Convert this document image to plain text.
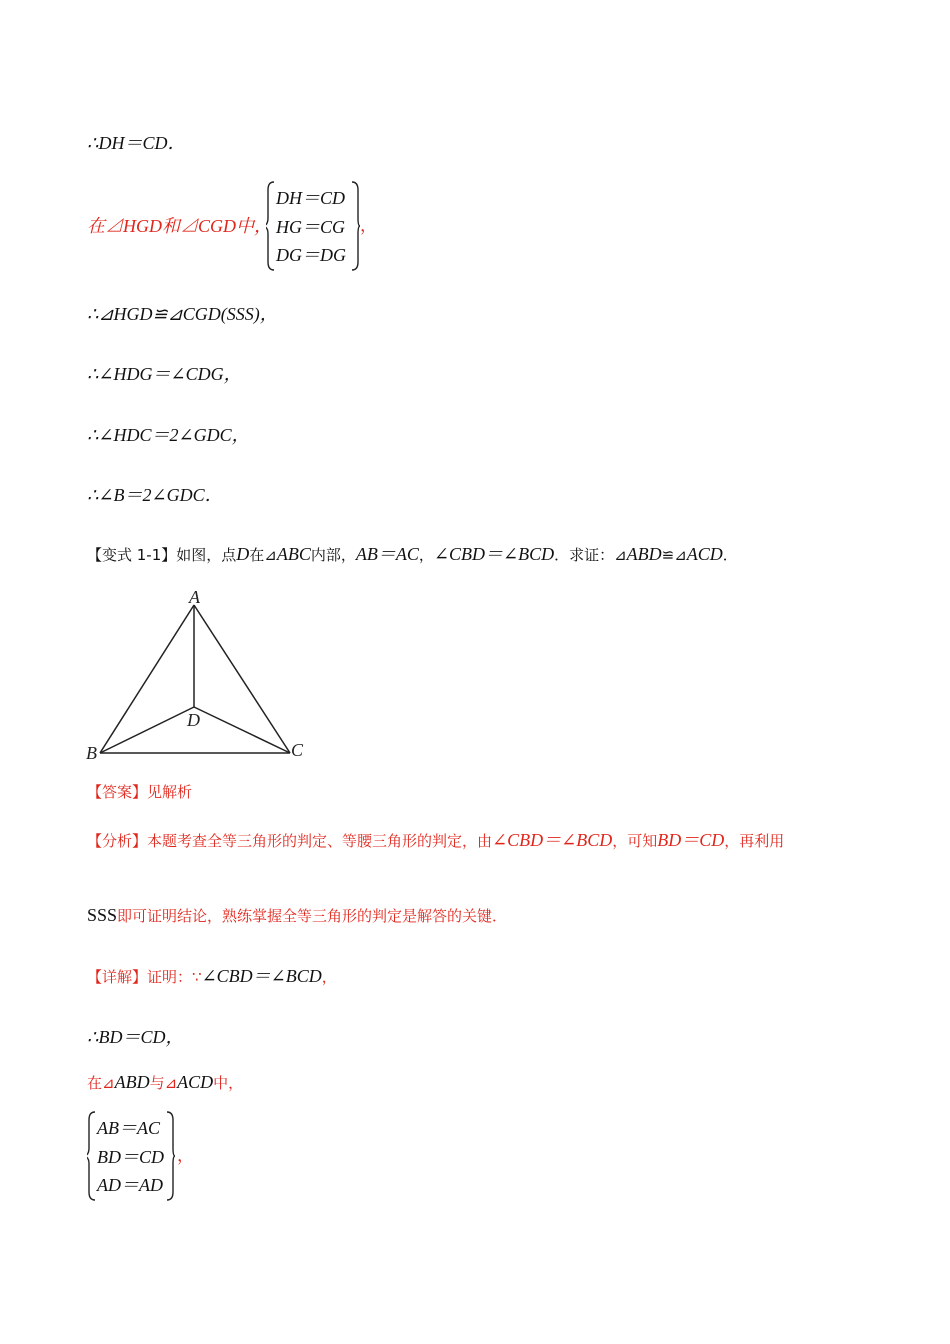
∴DH＝CD．
在⊿HGD和⊿CGD中，
DH＝CD
HG＝CG
DG＝DG
，
∴⊿HGD≌⊿CGD(SSS)，
∴∠HDG＝∠CDG，
∴∠HDC＝2∠GDC，
∴∠B＝2∠GDC．
【变式 1-1】如图，点D在⊿ABC内部，AB＝AC，∠CBD＝∠BCD．求证：⊿ABD≌⊿ACD．
A
B	C
D
【答案】见解析
【分析】本题考查全等三角形的判定、等腰三角形的判定，由∠CBD＝∠BCD，可知BD＝CD，再利用
SSS即可证明结论，熟练掌握全等三角形的判定是解答的关键．
【详解】证明：∵∠CBD＝∠BCD，
∴BD＝CD，
在⊿ABD与⊿ACD中，
AB＝AC
BD＝CD
AD＝AD
，
